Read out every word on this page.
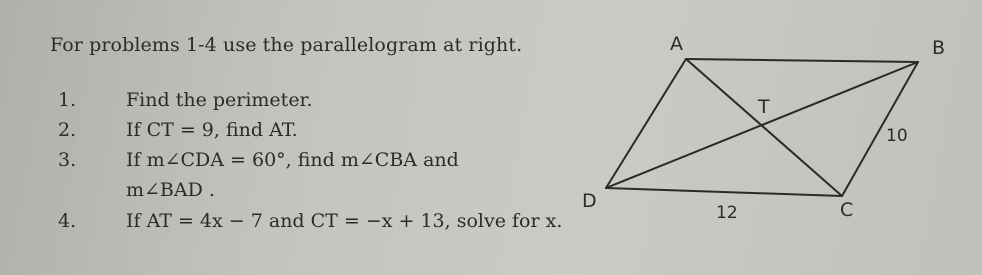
For problems 1-4 use the parallelogram at right.
1.	Find the perimeter.
2.	If CT = 9, find AT.
3.	If m∠CDA = 60°, find m∠CBA and
m∠BAD .
4.	If AT = 4x − 7 and CT = −x + 13, solve for x.
A	B
C
D
T
12
10
